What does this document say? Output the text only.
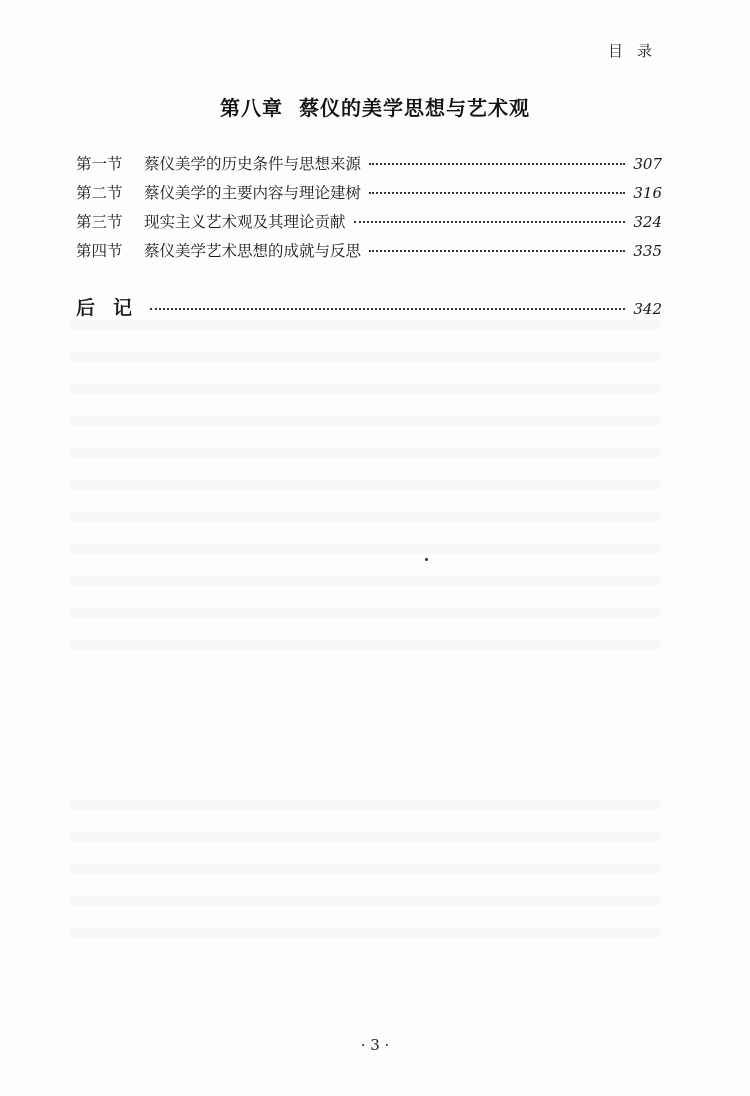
目录
第八章 蔡仪的美学思想与艺术观
第一节	蔡仪美学的历史条件与思想来源	307
第二节	蔡仪美学的主要内容与理论建树	316
第三节	现实主义艺术观及其理论贡献	324
第四节	蔡仪美学艺术思想的成就与反思	335
后记	342
· 3 ·
